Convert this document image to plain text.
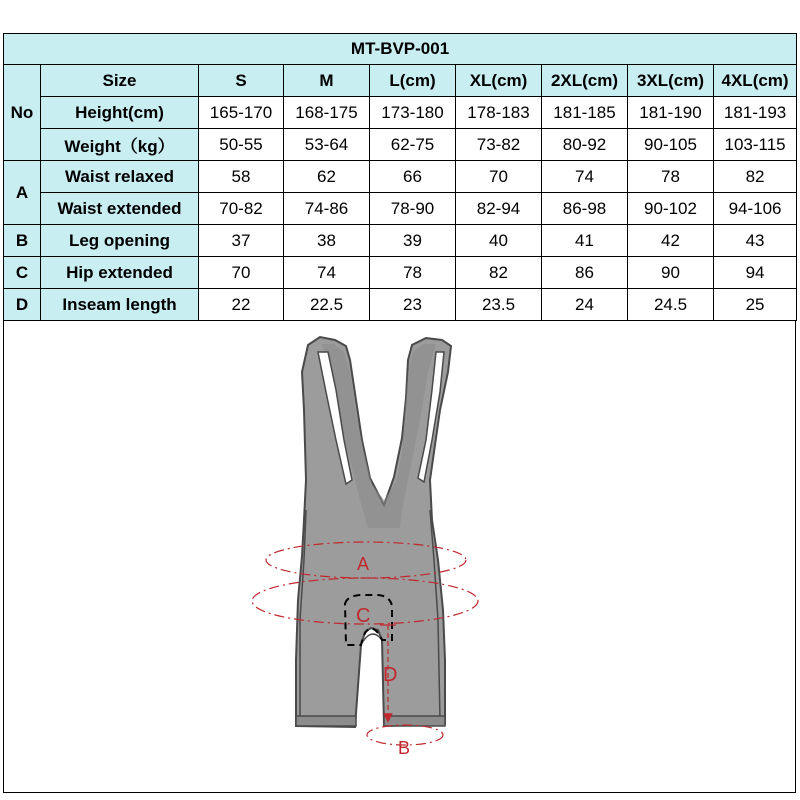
MT-BVP-001								
No	Size	S	M	L(cm)	XL(cm)	2XL(cm)	3XL(cm)	4XL(cm)
	Height(cm)	165-170	168-175	173-180	178-183	181-185	181-190	181-193
	Weight（kg）	50-55	53-64	62-75	73-82	80-92	90-105	103-115
A	Waist relaxed	58	62	66	70	74	78	82
	Waist extended	70-82	74-86	78-90	82-94	86-98	90-102	94-106
B	Leg opening	37	38	39	40	41	42	43
C	Hip extended	70	74	78	82	86	90	94
D	Inseam length	22	22.5	23	23.5	24	24.5	25
A
C
D
B
